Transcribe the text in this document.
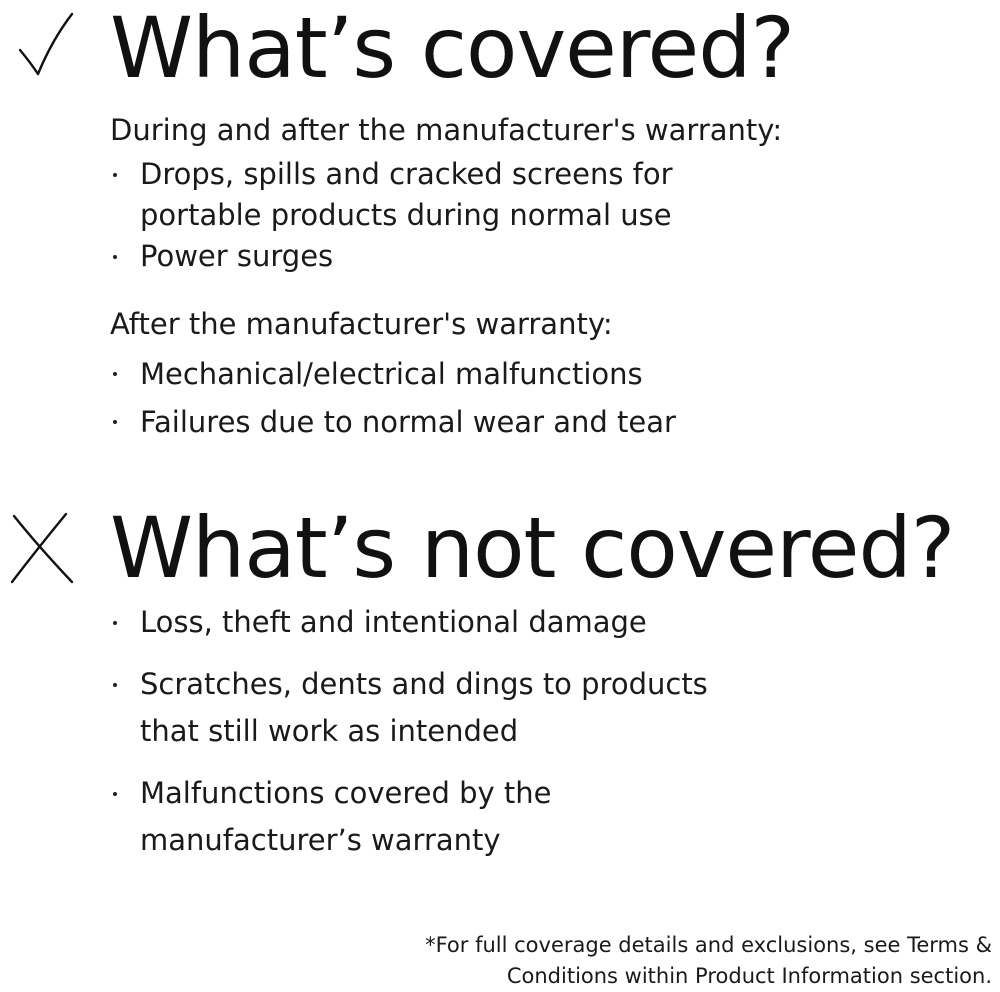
What’s covered?

During and after the manufacturer's warranty:

Drops, spills and cracked screens for
portable products during normal use
Power surges

After the manufacturer's warranty:

Mechanical/electrical malfunctions
Failures due to normal wear and tear
What’s not covered?
Loss, theft and intentional damage
Scratches, dents and dings to products
that still work as intended
Malfunctions covered by the
manufacturer’s warranty

*For full coverage details and exclusions, see Terms &
Conditions within Product Information section.
